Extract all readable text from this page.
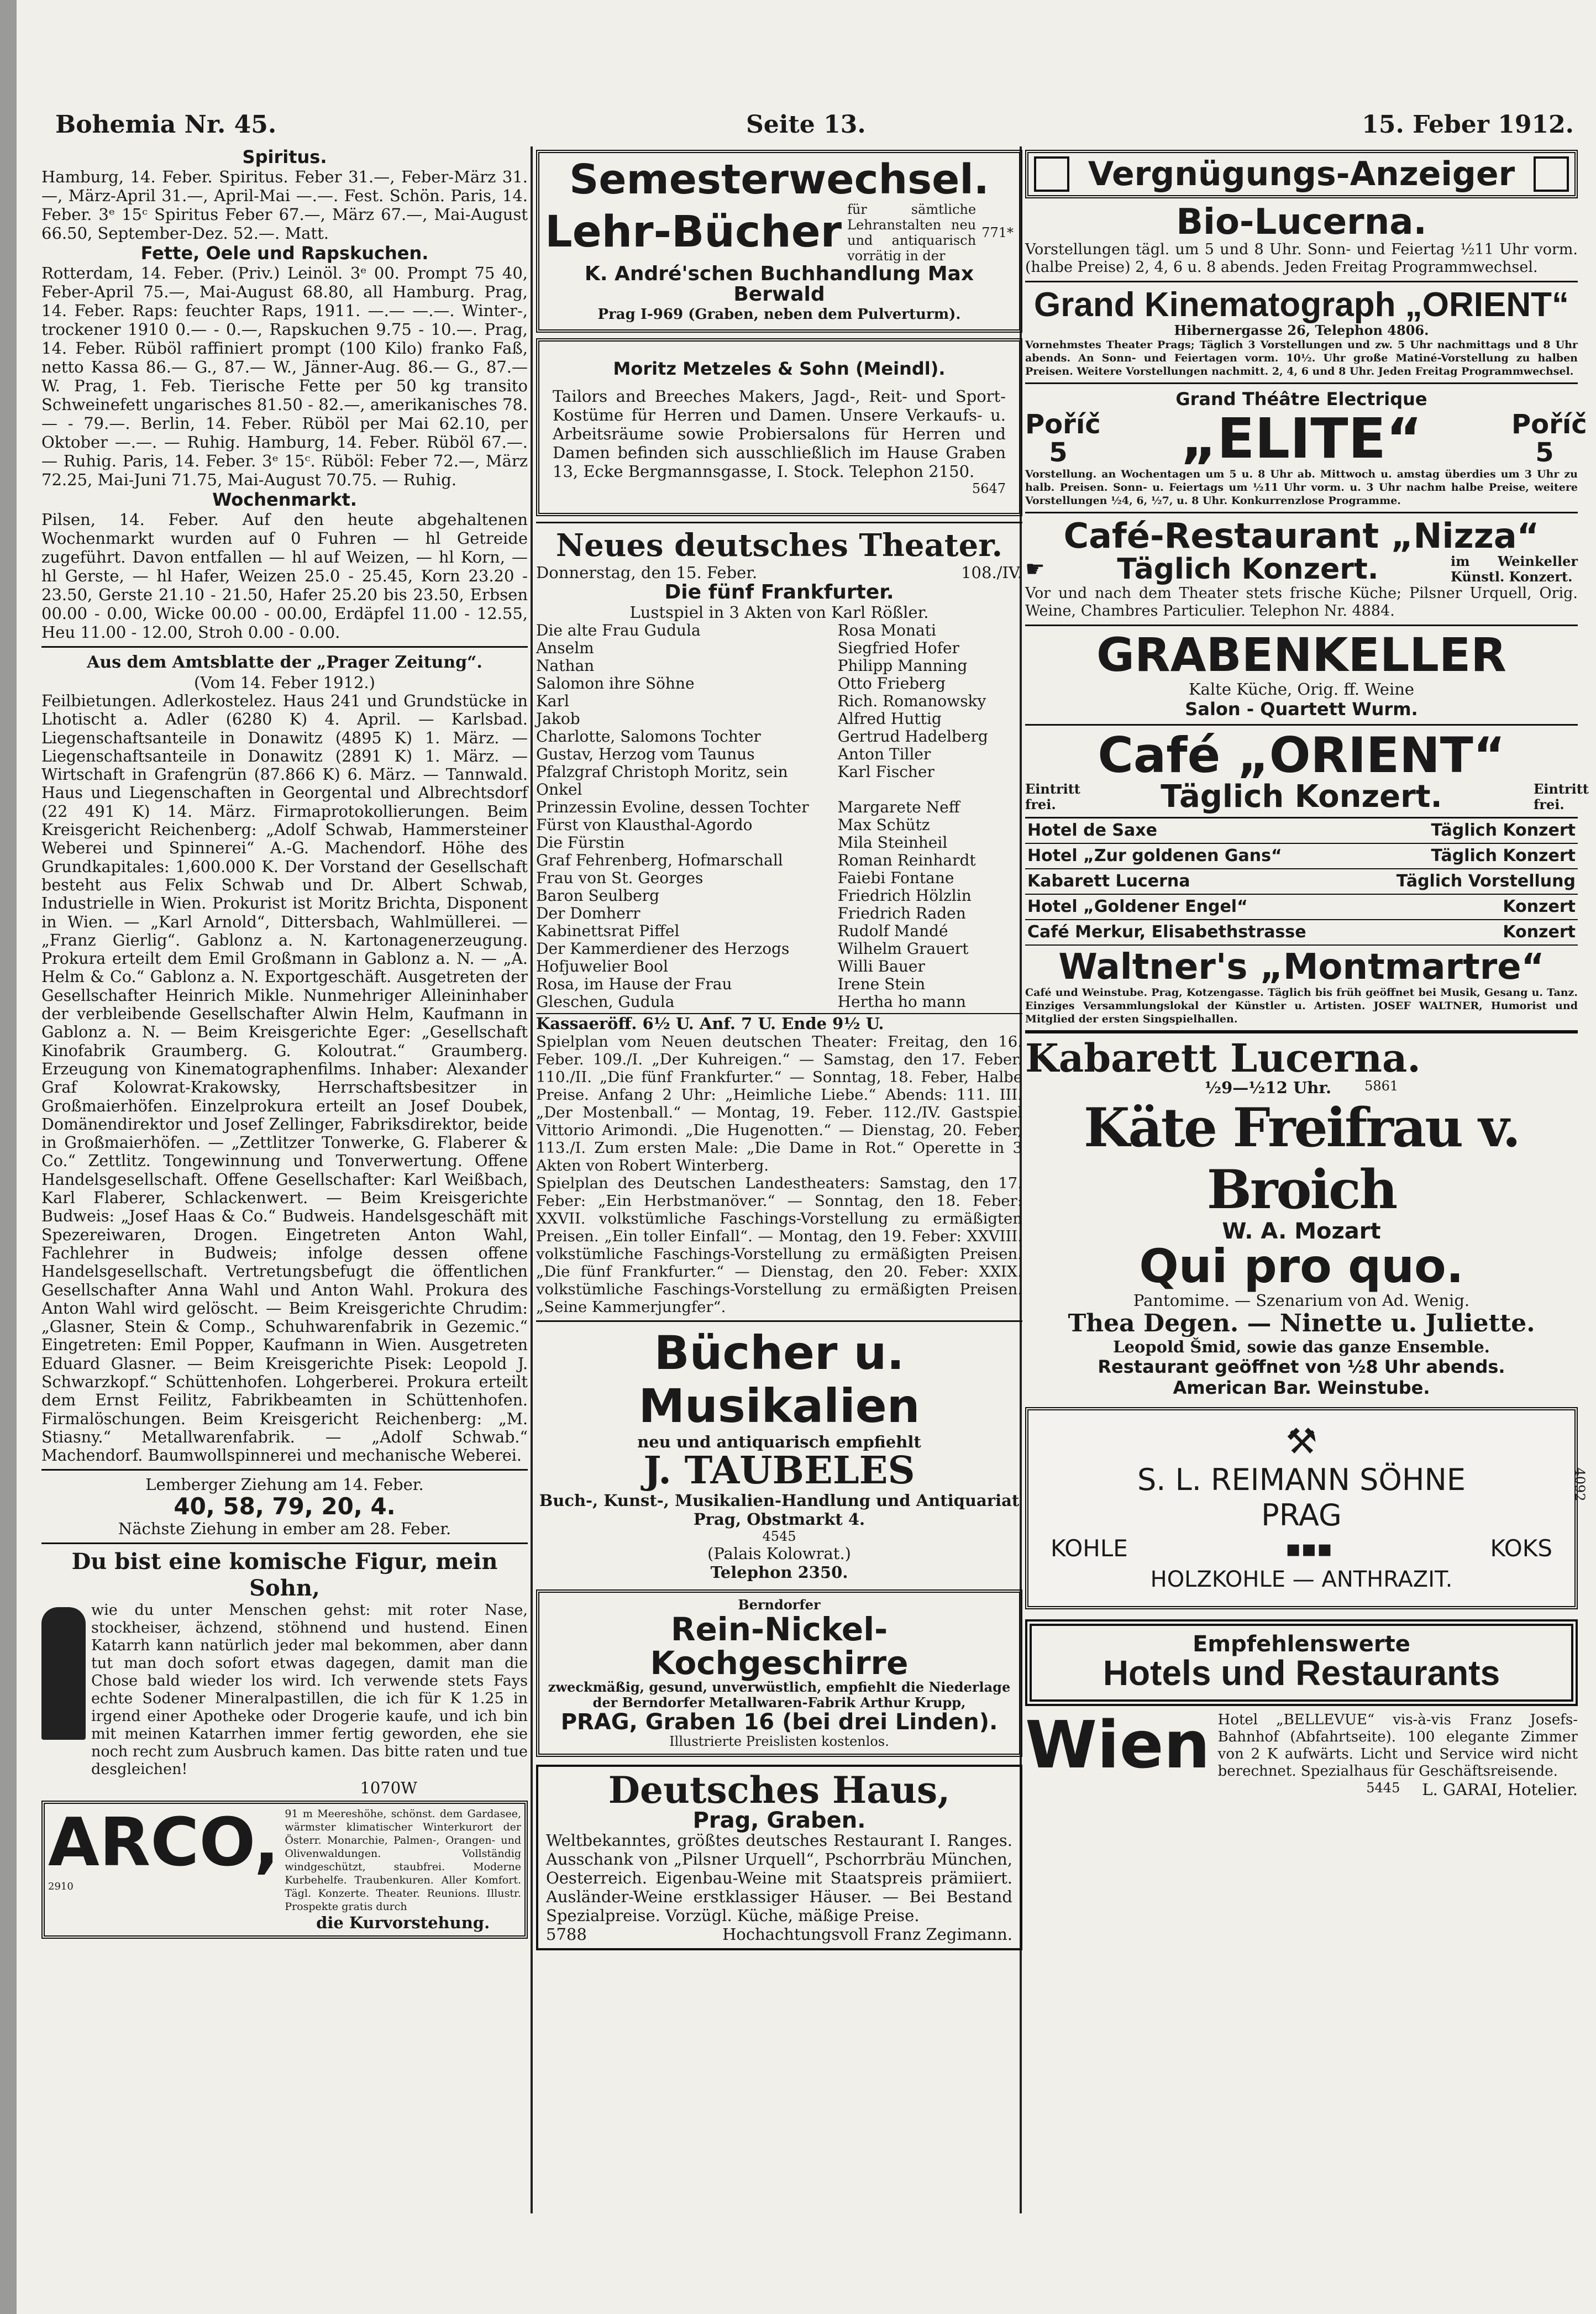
Bohemia Nr. 45.	Seite 13.	15. Feber 1912.

Spiritus.

Hamburg, 14. Feber. Spiritus. Feber 31.—, Feber-März 31.—, März-April 31.—, April-Mai —.—. Fest. Schön. Paris, 14. Feber. 3ᵉ 15ᶜ Spiritus Feber 67.—, März 67.—, Mai-August 66.50, September-Dez. 52.—. Matt.

Fette, Oele und Rapskuchen.

Rotterdam, 14. Feber. (Priv.) Leinöl. 3ᵉ 00. Prompt 75 40, Feber-April 75.—, Mai-August 68.80, all Hamburg. Prag, 14. Feber. Raps: feuchter Raps, 1911. —.— —.—. Winter-, trockener 1910 0.— - 0.—, Rapskuchen 9.75 - 10.—. Prag, 14. Feber. Rüböl raffiniert prompt (100 Kilo) franko Faß, netto Kassa 86.— G., 87.— W., Jänner-Aug. 86.— G., 87.— W. Prag, 1. Feb. Tierische Fette per 50 kg transito Schweinefett ungarisches 81.50 - 82.—, amerikanisches 78.— - 79.—. Berlin, 14. Feber. Rüböl per Mai 62.10, per Oktober —.—. — Ruhig. Hamburg, 14. Feber. Rüböl 67.—. — Ruhig. Paris, 14. Feber. 3ᵉ 15ᶜ. Rüböl: Feber 72.—, März 72.25, Mai-Juni 71.75, Mai-August 70.75. — Ruhig.

Wochenmarkt.

Pilsen, 14. Feber. Auf den heute abgehaltenen Wochenmarkt wurden auf 0 Fuhren — hl Getreide zugeführt. Davon entfallen — hl auf Weizen, — hl Korn, — hl Gerste, — hl Hafer, Weizen 25.0 - 25.45, Korn 23.20 - 23.50, Gerste 21.10 - 21.50, Hafer 25.20 bis 23.50, Erbsen 00.00 - 0.00, Wicke 00.00 - 00.00, Erdäpfel 11.00 - 12.55, Heu 11.00 - 12.00, Stroh 0.00 - 0.00.

Aus dem Amtsblatte der „Prager Zeitung“.

(Vom 14. Feber 1912.)

Feilbietungen. Adlerkostelez. Haus 241 und Grundstücke in Lhotischt a. Adler (6280 K) 4. April. — Karlsbad. Liegenschaftsanteile in Donawitz (4895 K) 1. März. — Liegenschaftsanteile in Donawitz (2891 K) 1. März. — Wirtschaft in Grafengrün (87.866 K) 6. März. — Tannwald. Haus und Liegenschaften in Georgental und Albrechtsdorf (22 491 K) 14. März. Firmaprotokollierungen. Beim Kreisgericht Reichenberg: „Adolf Schwab, Hammersteiner Weberei und Spinnerei“ A.-G. Machendorf. Höhe des Grundkapitales: 1,600.000 K. Der Vorstand der Gesellschaft besteht aus Felix Schwab und Dr. Albert Schwab, Industrielle in Wien. Prokurist ist Moritz Brichta, Disponent in Wien. — „Karl Arnold“, Dittersbach, Wahlmüllerei. — „Franz Gierlig“. Gablonz a. N. Kartonagenerzeugung. Prokura erteilt dem Emil Großmann in Gablonz a. N. — „A. Helm & Co.“ Gablonz a. N. Exportgeschäft. Ausgetreten der Gesellschafter Heinrich Mikle. Nunmehriger Alleininhaber der verbleibende Gesellschafter Alwin Helm, Kaufmann in Gablonz a. N. — Beim Kreisgerichte Eger: „Gesellschaft Kinofabrik Graumberg. G. Koloutrat.“ Graumberg. Erzeugung von Kinematographenfilms. Inhaber: Alexander Graf Kolowrat-Krakowsky, Herrschaftsbesitzer in Großmaierhöfen. Einzelprokura erteilt an Josef Doubek, Domänendirektor und Josef Zellinger, Fabriksdirektor, beide in Großmaierhöfen. — „Zettlitzer Tonwerke, G. Flaberer & Co.“ Zettlitz. Tongewinnung und Tonverwertung. Offene Handelsgesellschaft. Offene Gesellschafter: Karl Weißbach, Karl Flaberer, Schlackenwert. — Beim Kreisgerichte Budweis: „Josef Haas & Co.“ Budweis. Handelsgeschäft mit Spezereiwaren, Drogen. Eingetreten Anton Wahl, Fachlehrer in Budweis; infolge dessen offene Handelsgesellschaft. Vertretungsbefugt die öffentlichen Gesellschafter Anna Wahl und Anton Wahl. Prokura des Anton Wahl wird gelöscht. — Beim Kreisgerichte Chrudim: „Glasner, Stein & Comp., Schuhwarenfabrik in Gezemic.“ Eingetreten: Emil Popper, Kaufmann in Wien. Ausgetreten Eduard Glasner. — Beim Kreisgerichte Pisek: Leopold J. Schwarzkopf.“ Schüttenhofen. Lohgerberei. Prokura erteilt dem Ernst Feilitz, Fabrikbeamten in Schüttenhofen. Firmalöschungen. Beim Kreisgericht Reichenberg: „M. Stiasny.“ Metallwarenfabrik. — „Adolf Schwab.“ Machendorf. Baumwollspinnerei und mechanische Weberei.

Lemberger Ziehung am 14. Feber.

40, 58, 79, 20, 4.

Nächste Ziehung in ember am 28. Feber.

Du bist eine komische Figur, mein Sohn,

wie du unter Menschen gehst: mit roter Nase, stockheiser, ächzend, stöhnend und hustend. Einen Katarrh kann natürlich jeder mal bekommen, aber dann tut man doch sofort etwas dagegen, damit man die Chose bald wieder los wird. Ich verwende stets Fays echte Sodener Mineralpastillen, die ich für K 1.25 in irgend einer Apotheke oder Drogerie kaufe, und ich bin mit meinen Katarrhen immer fertig geworden, ehe sie noch recht zum Ausbruch kamen. Das bitte raten und tue desgleichen!

1070W

ARCO,

2910

91 m Meereshöhe, schönst. dem Gardasee, wärmster klimatischer Winterkurort der Österr. Monarchie, Palmen-, Orangen- und Olivenwaldungen. Vollständig windgeschützt, staubfrei. Moderne Kurbehelfe. Traubenkuren. Aller Komfort. Tägl. Konzerte. Theater. Reunions. Illustr. Prospekte gratis durch

die Kurvorstehung.

Semesterwechsel.

Lehr-Bücher für sämtliche Lehranstalten neu und antiquarisch vorrätig in der

771*

K. André'schen Buchhandlung Max Berwald

Prag I-969 (Graben, neben dem Pulverturm).

Moritz Metzeles & Sohn (Meindl).

Tailors and Breeches Makers, Jagd-, Reit- und Sport-Kostüme für Herren und Damen. Unsere Verkaufs- u. Arbeitsräume sowie Probiersalons für Herren und Damen befinden sich ausschließlich im Hause Graben 13, Ecke Bergmannsgasse, I. Stock. Telephon 2150.

5647

Neues deutsches Theater.

Donnerstag, den 15. Feber.	108./IV.

Die fünf Frankfurter.

Lustspiel in 3 Akten von Karl Rößler.

Die alte Frau Gudula	Rosa Monati
Anselm	Siegfried Hofer
Nathan	Philipp Manning
Salomon ihre Söhne	Otto Frieberg
Karl	Rich. Romanowsky
Jakob	Alfred Huttig
Charlotte, Salomons Tochter	Gertrud Hadelberg
Gustav, Herzog vom Taunus	Anton Tiller
Pfalzgraf Christoph Moritz, sein Onkel	Karl Fischer
Prinzessin Evoline, dessen Tochter	Margarete Neff
Fürst von Klausthal-Agordo	Max Schütz
Die Fürstin	Mila Steinheil
Graf Fehrenberg, Hofmarschall	Roman Reinhardt
Frau von St. Georges	Faiebi Fontane
Baron Seulberg	Friedrich Hölzlin
Der Domherr	Friedrich Raden
Kabinettsrat Piffel	Rudolf Mandé
Der Kammerdiener des Herzogs	Wilhelm Grauert
Hofjuwelier Bool	Willi Bauer
Rosa, im Hause der Frau	Irene Stein
Gleschen, Gudula	Hertha ho mann

Kassaeröff. 6½ U. Anf. 7 U. Ende 9½ U.

Spielplan vom Neuen deutschen Theater: Freitag, den 16. Feber. 109./I. „Der Kuhreigen.“ — Samstag, den 17. Feber. 110./II. „Die fünf Frankfurter.“ — Sonntag, 18. Feber, Halbe Preise. Anfang 2 Uhr: „Heimliche Liebe.“ Abends: 111. III. „Der Mostenball.“ — Montag, 19. Feber. 112./IV. Gastspiel Vittorio Arimondi. „Die Hugenotten.“ — Dienstag, 20. Feber, 113./I. Zum ersten Male: „Die Dame in Rot.“ Operette in 3 Akten von Robert Winterberg.

Spielplan des Deutschen Landestheaters: Samstag, den 17. Feber: „Ein Herbstmanöver.“ — Sonntag, den 18. Feber: XXVII. volkstümliche Faschings-Vorstellung zu ermäßigten Preisen. „Ein toller Einfall“. — Montag, den 19. Feber: XXVIII. volkstümliche Faschings-Vorstellung zu ermäßigten Preisen. „Die fünf Frankfurter.“ — Dienstag, den 20. Feber: XXIX. volkstümliche Faschings-Vorstellung zu ermäßigten Preisen. „Seine Kammerjungfer“.

Bücher u. Musikalien

neu und antiquarisch empfiehlt

J. TAUBELES

Buch-, Kunst-, Musikalien-Handlung und Antiquariat Prag, Obstmarkt 4.

4545

(Palais Kolowrat.)

Telephon 2350.

Berndorfer

Rein-Nickel-Kochgeschirre

zweckmäßig, gesund, unverwüstlich, empfiehlt die Niederlage der Berndorfer Metallwaren-Fabrik Arthur Krupp,

PRAG, Graben 16 (bei drei Linden).

Illustrierte Preislisten kostenlos.

Deutsches Haus,

Prag, Graben.

Weltbekanntes, größtes deutsches Restaurant I. Ranges. Ausschank von „Pilsner Urquell“, Pschorrbräu München, Oesterreich. Eigenbau-Weine mit Staatspreis prämiiert. Ausländer-Weine erstklassiger Häuser. — Bei Bestand Spezialpreise. Vorzügl. Küche, mäßige Preise.

5788	Hochachtungsvoll Franz Zegimann.

Vergnügungs-Anzeiger

Bio-Lucerna.

Vorstellungen tägl. um 5 und 8 Uhr. Sonn- und Feiertag ½11 Uhr vorm. (halbe Preise) 2, 4, 6 u. 8 abends. Jeden Freitag Programmwechsel.

Grand Kinematograph „ORIENT“

Hibernergasse 26, Telephon 4806.

Vornehmstes Theater Prags; Täglich 3 Vorstellungen und zw. 5 Uhr nachmittags und 8 Uhr abends. An Sonn- und Feiertagen vorm. 10½. Uhr große Matiné-Vorstellung zu halben Preisen. Weitere Vorstellungen nachmitt. 2, 4, 6 und 8 Uhr. Jeden Freitag Programmwechsel.

Grand Théâtre Electrique

Poříč 5	„ELITE“	Poříč 5

Vorstellung. an Wochentagen um 5 u. 8 Uhr ab. Mittwoch u. amstag überdies um 3 Uhr zu halb. Preisen. Sonn- u. Feiertags um ½11 Uhr vorm. u. 3 Uhr nachm halbe Preise, weitere Vorstellungen ½4, 6, ½7, u. 8 Uhr. Konkurrenzlose Programme.

Café-Restaurant „Nizza“

☛	Täglich Konzert.	im Weinkeller Künstl. Konzert.

Vor und nach dem Theater stets frische Küche; Pilsner Urquell, Orig. Weine, Chambres Particulier. Telephon Nr. 4884.

GRABENKELLER

Kalte Küche, Orig. ff. Weine

Salon - Quartett Wurm.

Café „ORIENT“

Eintritt frei.	Täglich Konzert.	Eintritt frei.

Hotel de Saxe	Täglich Konzert
Hotel „Zur goldenen Gans“	Täglich Konzert
Kabarett Lucerna	Täglich Vorstellung
Hotel „Goldener Engel“	Konzert
Café Merkur, Elisabethstrasse	Konzert

Waltner's „Montmartre“

Café und Weinstube. Prag, Kotzengasse. Täglich bis früh geöffnet bei Musik, Gesang u. Tanz. Einziges Versammlungslokal der Künstler u. Artisten. JOSEF WALTNER, Humorist und Mitglied der ersten Singspielhallen.

Kabarett Lucerna.

½9—½12 Uhr.	5861

Käte Freifrau v. Broich

W. A. Mozart

Qui pro quo.

Pantomime. — Szenarium von Ad. Wenig.

Thea Degen. — Ninette u. Juliette.

Leopold Šmid, sowie das ganze Ensemble.

Restaurant geöffnet von ½8 Uhr abends.

American Bar. Weinstube.

⚒

S. L. REIMANN SÖHNE

PRAG

KOHLE	▪▪▪	KOKS

HOLZKOHLE — ANTHRAZIT.

4092

Empfehlenswerte

Hotels und Restaurants

Wien Hotel „BELLEVUE“ vis-à-vis Franz Josefs-Bahnhof (Abfahrtseite). 100 elegante Zimmer von 2 K aufwärts. Licht und Service wird nicht berechnet. Spezialhaus für Geschäftsreisende.

5445 L. GARAI, Hotelier.
